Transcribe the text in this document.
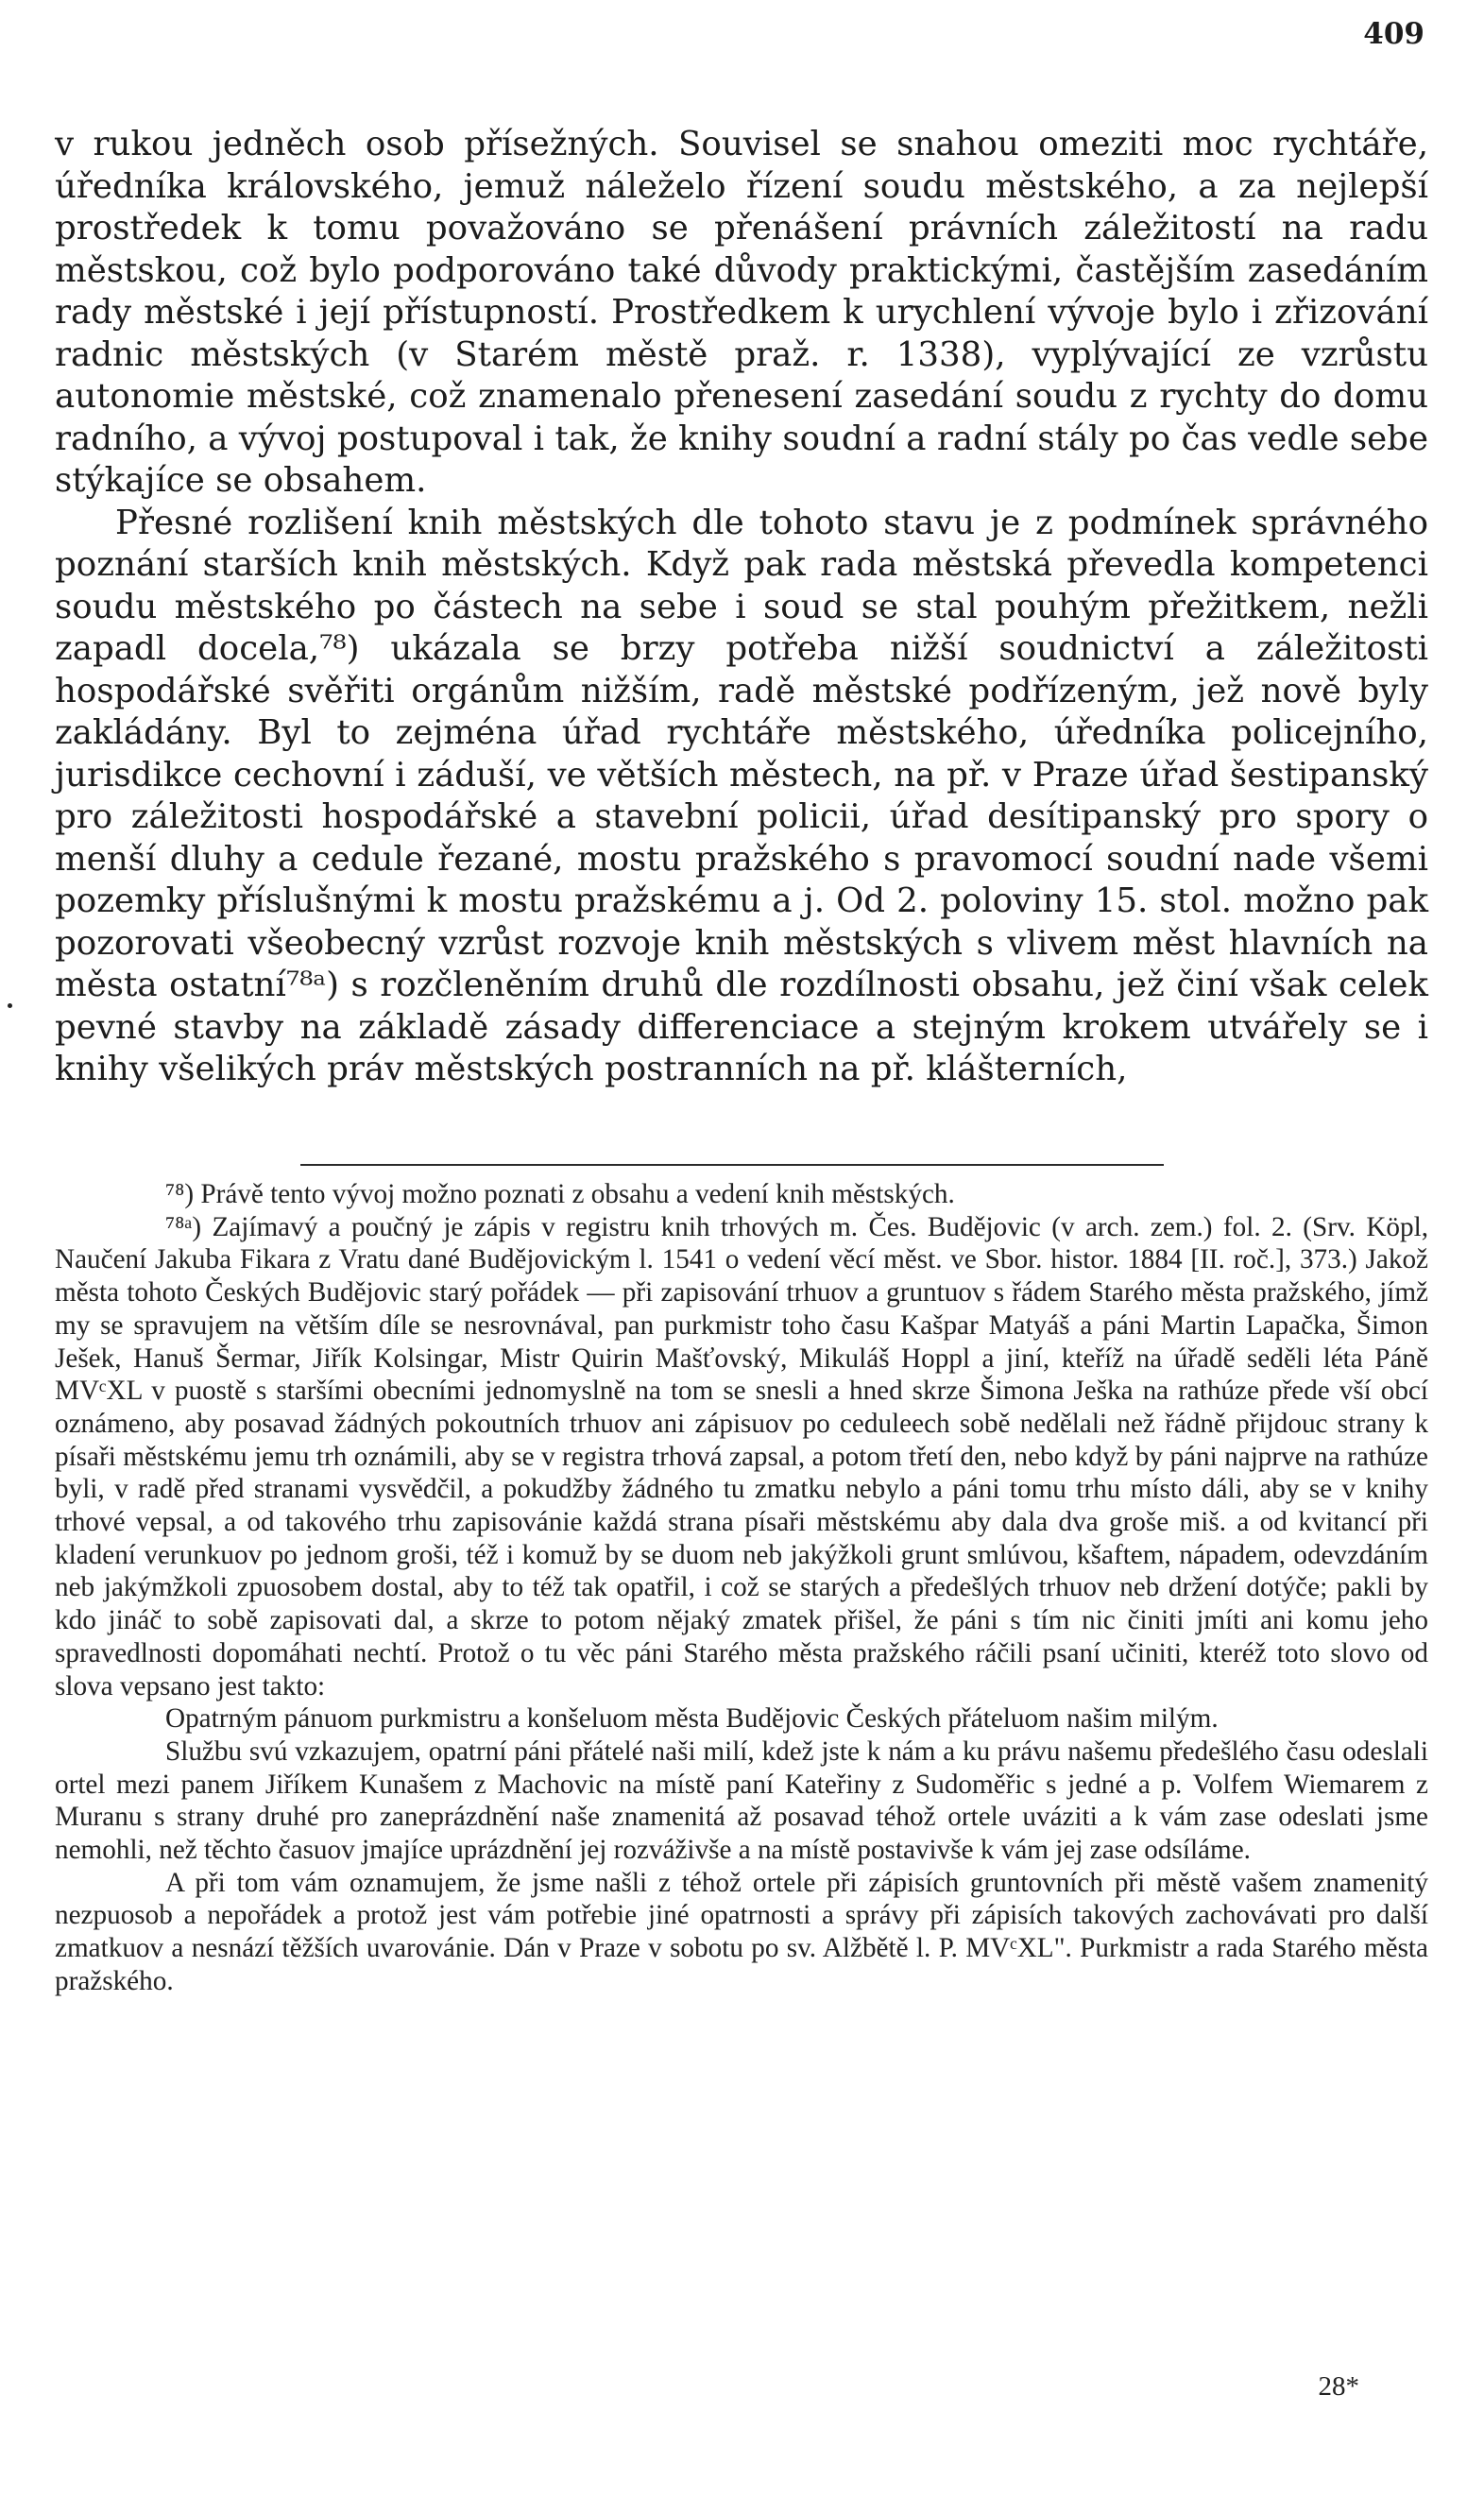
409

v rukou jedněch osob přísežných. Souvisel se snahou omeziti moc rychtáře, úředníka královského, jemuž náleželo řízení soudu městského, a za nejlepší prostředek k tomu považováno se přenášení právních záležitostí na radu městskou, což bylo podporováno také důvody praktickými, častějším zasedáním rady městské i její přístupností. Prostředkem k urychlení vývoje bylo i zřizování radnic městských (v Starém městě praž. r. 1338), vyplývající ze vzrůstu autonomie městské, což znamenalo přenesení zasedání soudu z rychty do domu radního, a vývoj postupoval i tak, že knihy soudní a radní stály po čas vedle sebe stýkajíce se obsahem.

Přesné rozlišení knih městských dle tohoto stavu je z podmínek správného poznání starších knih městských. Když pak rada městská převedla kompetenci soudu městského po částech na sebe i soud se stal pouhým přežitkem, nežli zapadl docela,⁷⁸) ukázala se brzy potřeba nižší soudnictví a záležitosti hospodářské svěřiti orgánům nižším, radě městské podřízeným, jež nově byly zakládány. Byl to zejména úřad rychtáře městského, úředníka policejního, jurisdikce cechovní i záduší, ve větších městech, na př. v Praze úřad šestipanský pro záležitosti hospodářské a stavební policii, úřad desítipanský pro spory o menší dluhy a cedule řezané, mostu pražského s pravomocí soudní nade všemi pozemky příslušnými k mostu pražskému a j. Od 2. poloviny 15. stol. možno pak pozorovati všeobecný vzrůst rozvoje knih městských s vlivem měst hlavních na města ostatní⁷⁸ᵃ) s rozčleněním druhů dle rozdílnosti obsahu, jež činí však celek pevné stavby na základě zásady differenciace a stejným krokem utvářely se i knihy všelikých práv městských postranních na př. klášterních,

⁷⁸) Právě tento vývoj možno poznati z obsahu a vedení knih městských.

⁷⁸ᵃ) Zajímavý a poučný je zápis v registru knih trhových m. Čes. Budějovic (v arch. zem.) fol. 2. (Srv. Köpl, Naučení Jakuba Fikara z Vratu dané Budějovickým l. 1541 o vedení věcí měst. ve Sbor. histor. 1884 [II. roč.], 373.) Jakož města tohoto Českých Budějovic starý pořádek — při zapisování trhuov a gruntuov s řádem Starého města pražského, jímž my se spravujem na větším díle se nesrovnával, pan purkmistr toho času Kašpar Matyáš a páni Martin Lapačka, Šimon Ješek, Hanuš Šermar, Jiřík Kolsingar, Mistr Quirin Mašťovský, Mikuláš Hoppl a jiní, kteříž na úřadě seděli léta Páně MVᶜXL v puostě s staršími obecními jednomyslně na tom se snesli a hned skrze Šimona Ješka na rathúze přede vší obcí oznámeno, aby posavad žádných pokoutních trhuov ani zápisuov po ceduleech sobě nedělali než řádně přijdouc strany k písaři městskému jemu trh oznámili, aby se v registra trhová zapsal, a potom třetí den, nebo když by páni najprve na rathúze byli, v radě před stranami vysvědčil, a pokudžby žádného tu zmatku nebylo a páni tomu trhu místo dáli, aby se v knihy trhové vepsal, a od takového trhu zapisovánie každá strana písaři městskému aby dala dva groše miš. a od kvitancí při kladení verunkuov po jednom groši, též i komuž by se duom neb jakýžkoli grunt smlúvou, kšaftem, nápadem, odevzdáním neb jakýmžkoli zpuosobem dostal, aby to též tak opatřil, i což se starých a předešlých trhuov neb držení dotýče; pakli by kdo jináč to sobě zapisovati dal, a skrze to potom nějaký zmatek přišel, že páni s tím nic činiti jmíti ani komu jeho spravedlnosti dopomáhati nechtí. Protož o tu věc páni Starého města pražského ráčili psaní učiniti, kteréž toto slovo od slova vepsano jest takto:

Opatrným pánuom purkmistru a konšeluom města Budějovic Českých přáteluom našim milým.

Službu svú vzkazujem, opatrní páni přátelé naši milí, kdež jste k nám a ku právu našemu předešlého času odeslali ortel mezi panem Jiříkem Kunašem z Machovic na místě paní Kateřiny z Sudoměřic s jedné a p. Volfem Wiemarem z Muranu s strany druhé pro zaneprázdnění naše znamenitá až posavad téhož ortele uváziti a k vám zase odeslati jsme nemohli, než těchto časuov jmajíce uprázdnění jej rozváživše a na místě postavivše k vám jej zase odsíláme.

A při tom vám oznamujem, že jsme našli z téhož ortele při zápisích gruntovních při městě vašem znamenitý nezpuosob a nepořádek a protož jest vám potřebie jiné opatrnosti a správy při zápisích takových zachovávati pro další zmatkuov a nesnází těžších uvarovánie. Dán v Praze v sobotu po sv. Alžbětě l. P. MVᶜXL". Purkmistr a rada Starého města pražského.

28*
